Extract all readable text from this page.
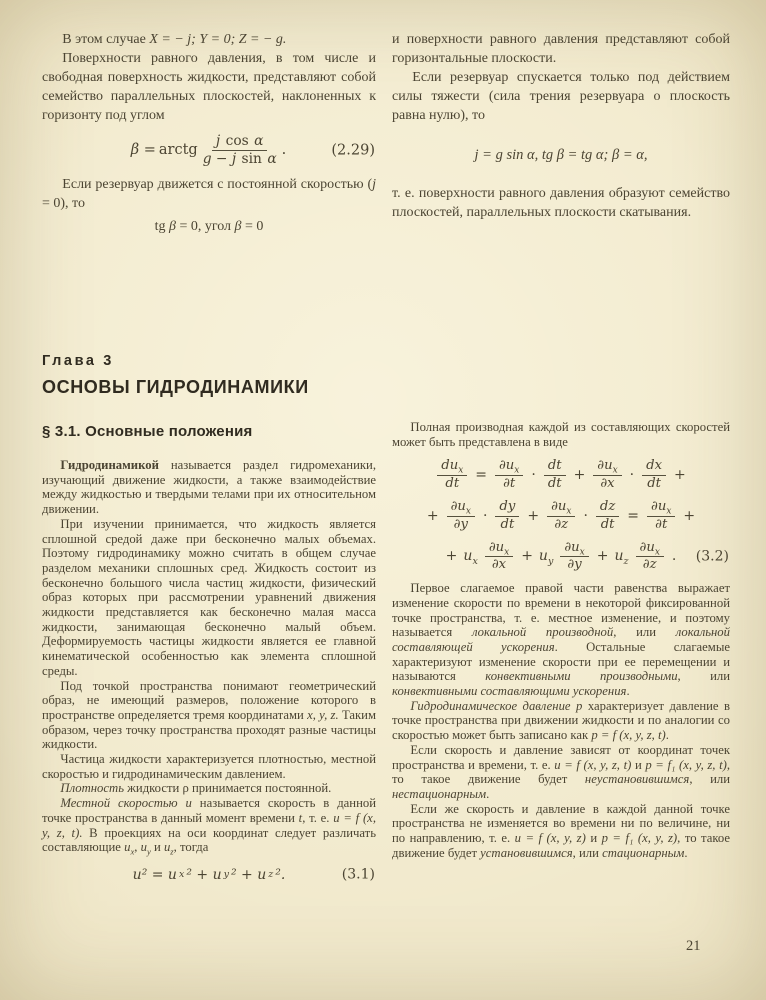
В этом случае X = − j; Y = 0; Z = − g.

Поверхности равного давления, в том числе и свободная поверхность жидкости, представляют собой семейство параллельных плоскостей, наклоненных к горизонту под углом

β = arctg $\frac{\text{j cos α}}{\text{g − j sin α}}$ .	(2.29)

Если резервуар движется с постоянной скоростью (j = 0), то

tg β = 0, угол β = 0

и поверхности равного давления представляют собой горизонтальные плоскости.

Если резервуар спускается только под действием силы тяжести (сила трения резервуара о плоскость равна нулю), то

j = g sin α, tg β = tg α; β = α,

т. е. поверхности равного давления образуют семейство плоскостей, параллельных плоскости скатывания.

Глава 3
ОСНОВЫ ГИДРОДИНАМИКИ
§ 3.1. Основные положения

Гидродинамикой называется раздел гидромеханики, изучающий движение жидкости, а также взаимодействие между жидкостью и твердыми телами при их относительном движении.

При изучении принимается, что жидкость является сплошной средой даже при бесконечно малых объемах. Поэтому гидродинамику можно считать в общем случае разделом механики сплошных сред. Жидкость состоит из бесконечно большого числа частиц жидкости, физический образ которых при рассмотрении уравнений движения жидкости представляется как бесконечно малая масса жидкости, занимающая бесконечно малый объем. Деформируемость частицы жидкости является ее главной кинематической особенностью как элемента сплошной среды.

Под точкой пространства понимают геометрический образ, не имеющий размеров, положение которого в пространстве определяется тремя координатами x, y, z. Таким образом, через точку пространства проходят разные частицы жидкости.

Частица жидкости характеризуется плотностью, местной скоростью и гидродинамическим давлением.

Плотность жидкости ρ принимается постоянной.

Местной скоростью u называется скорость в данной точке пространства в данный момент времени t, т. е. u = f (x, y, z, t). В проекциях на оси координат следует различать составляющие $u_x$, $u_y$ и $u_z$, тогда

u² = u x ² + u y ² + u z ².	(3.1)

Полная производная каждой из составляющих скоростей может быть представлена в виде

$\frac{du_x}{dt} = \frac{\partial u_x}{\partial t} \cdot \frac{dt}{dt} + \frac{\partial u_x}{\partial x} \cdot \frac{dx}{dt}$ +
+ $\frac{\partial u_x}{\partial y} \cdot \frac{dy}{dt} + \frac{\partial u_x}{\partial z} \cdot \frac{dz}{dt} = \frac{\partial u_x}{\partial t}$ +
+ $u_x \frac{\partial u_x}{\partial x} + u_y \frac{\partial u_x}{\partial y} + u_z \frac{\partial u_x}{\partial z}$ . (3.2)

Первое слагаемое правой части равенства выражает изменение скорости по времени в некоторой фиксированной точке пространства, т. е. местное изменение, и поэтому называется локальной производной, или локальной составляющей ускорения. Остальные слагаемые характеризуют изменение скорости при ее перемещении и называются конвективными производными, или конвективными составляющими ускорения.

Гидродинамическое давление p характеризует давление в точке пространства при движении жидкости и по аналогии со скоростью может быть записано как p = f (x, y, z, t).

Если скорость и давление зависят от координат точек пространства и времени, т. е. u = f (x, y, z, t) и p = f₁ (x, y, z, t), то такое движение будет неустановившимся, или нестационарным.

Если же скорость и давление в каждой данной точке пространства не изменяется во времени ни по величине, ни по направлению, т. е. u = f (x, y, z) и p = f₁ (x, y, z), то такое движение будет установившимся, или стационарным.

21
